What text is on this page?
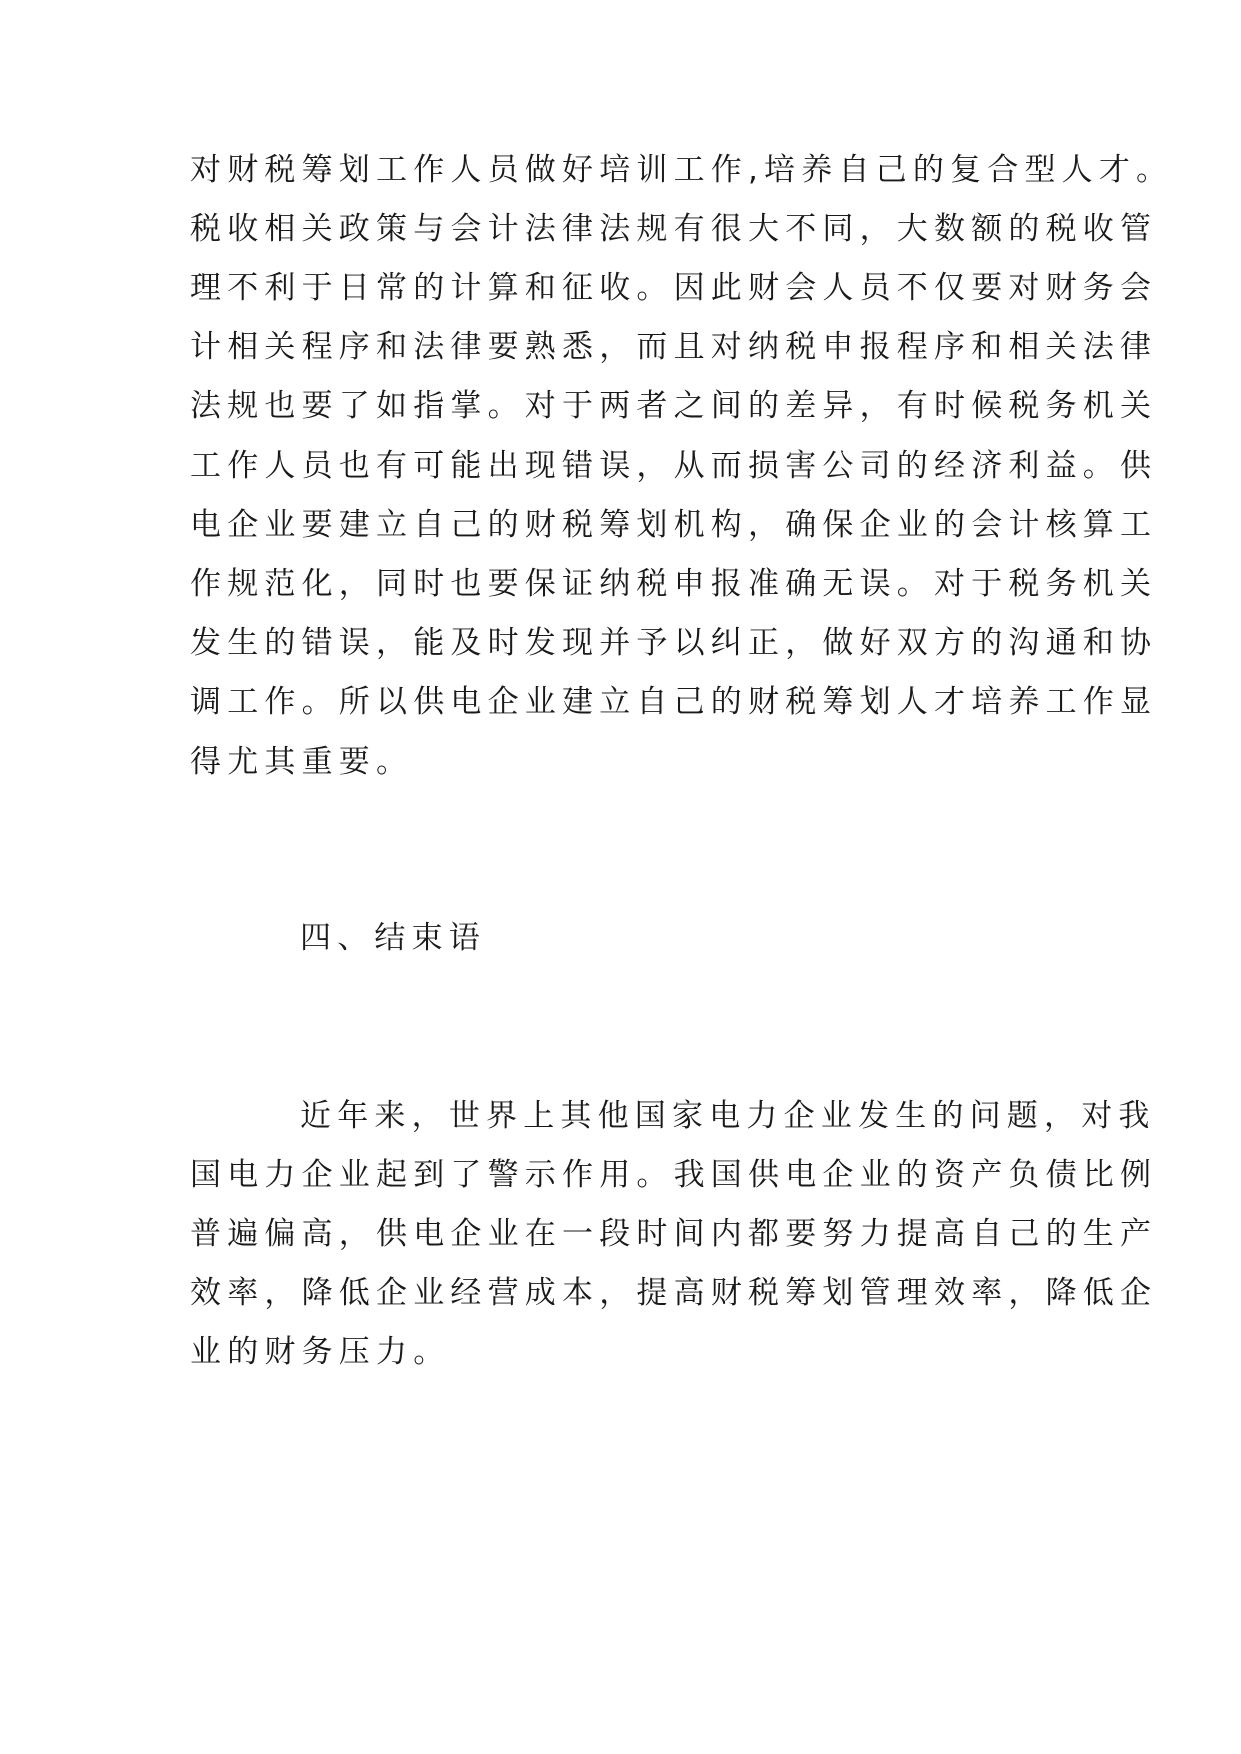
对财税筹划工作人员做好培训工作,培养自己的复合型人才。
税收相关政策与会计法律法规有很大不同，大数额的税收管
理不利于日常的计算和征收。因此财会人员不仅要对财务会
计相关程序和法律要熟悉，而且对纳税申报程序和相关法律
法规也要了如指掌。对于两者之间的差异，有时候税务机关
工作人员也有可能出现错误，从而损害公司的经济利益。供
电企业要建立自己的财税筹划机构，确保企业的会计核算工
作规范化，同时也要保证纳税申报准确无误。对于税务机关
发生的错误，能及时发现并予以纠正，做好双方的沟通和协
调工作。所以供电企业建立自己的财税筹划人才培养工作显
得尤其重要。
四、结束语
近年来，世界上其他国家电力企业发生的问题，对我
国电力企业起到了警示作用。我国供电企业的资产负债比例
普遍偏高，供电企业在一段时间内都要努力提高自己的生产
效率，降低企业经营成本，提高财税筹划管理效率，降低企
业的财务压力。
